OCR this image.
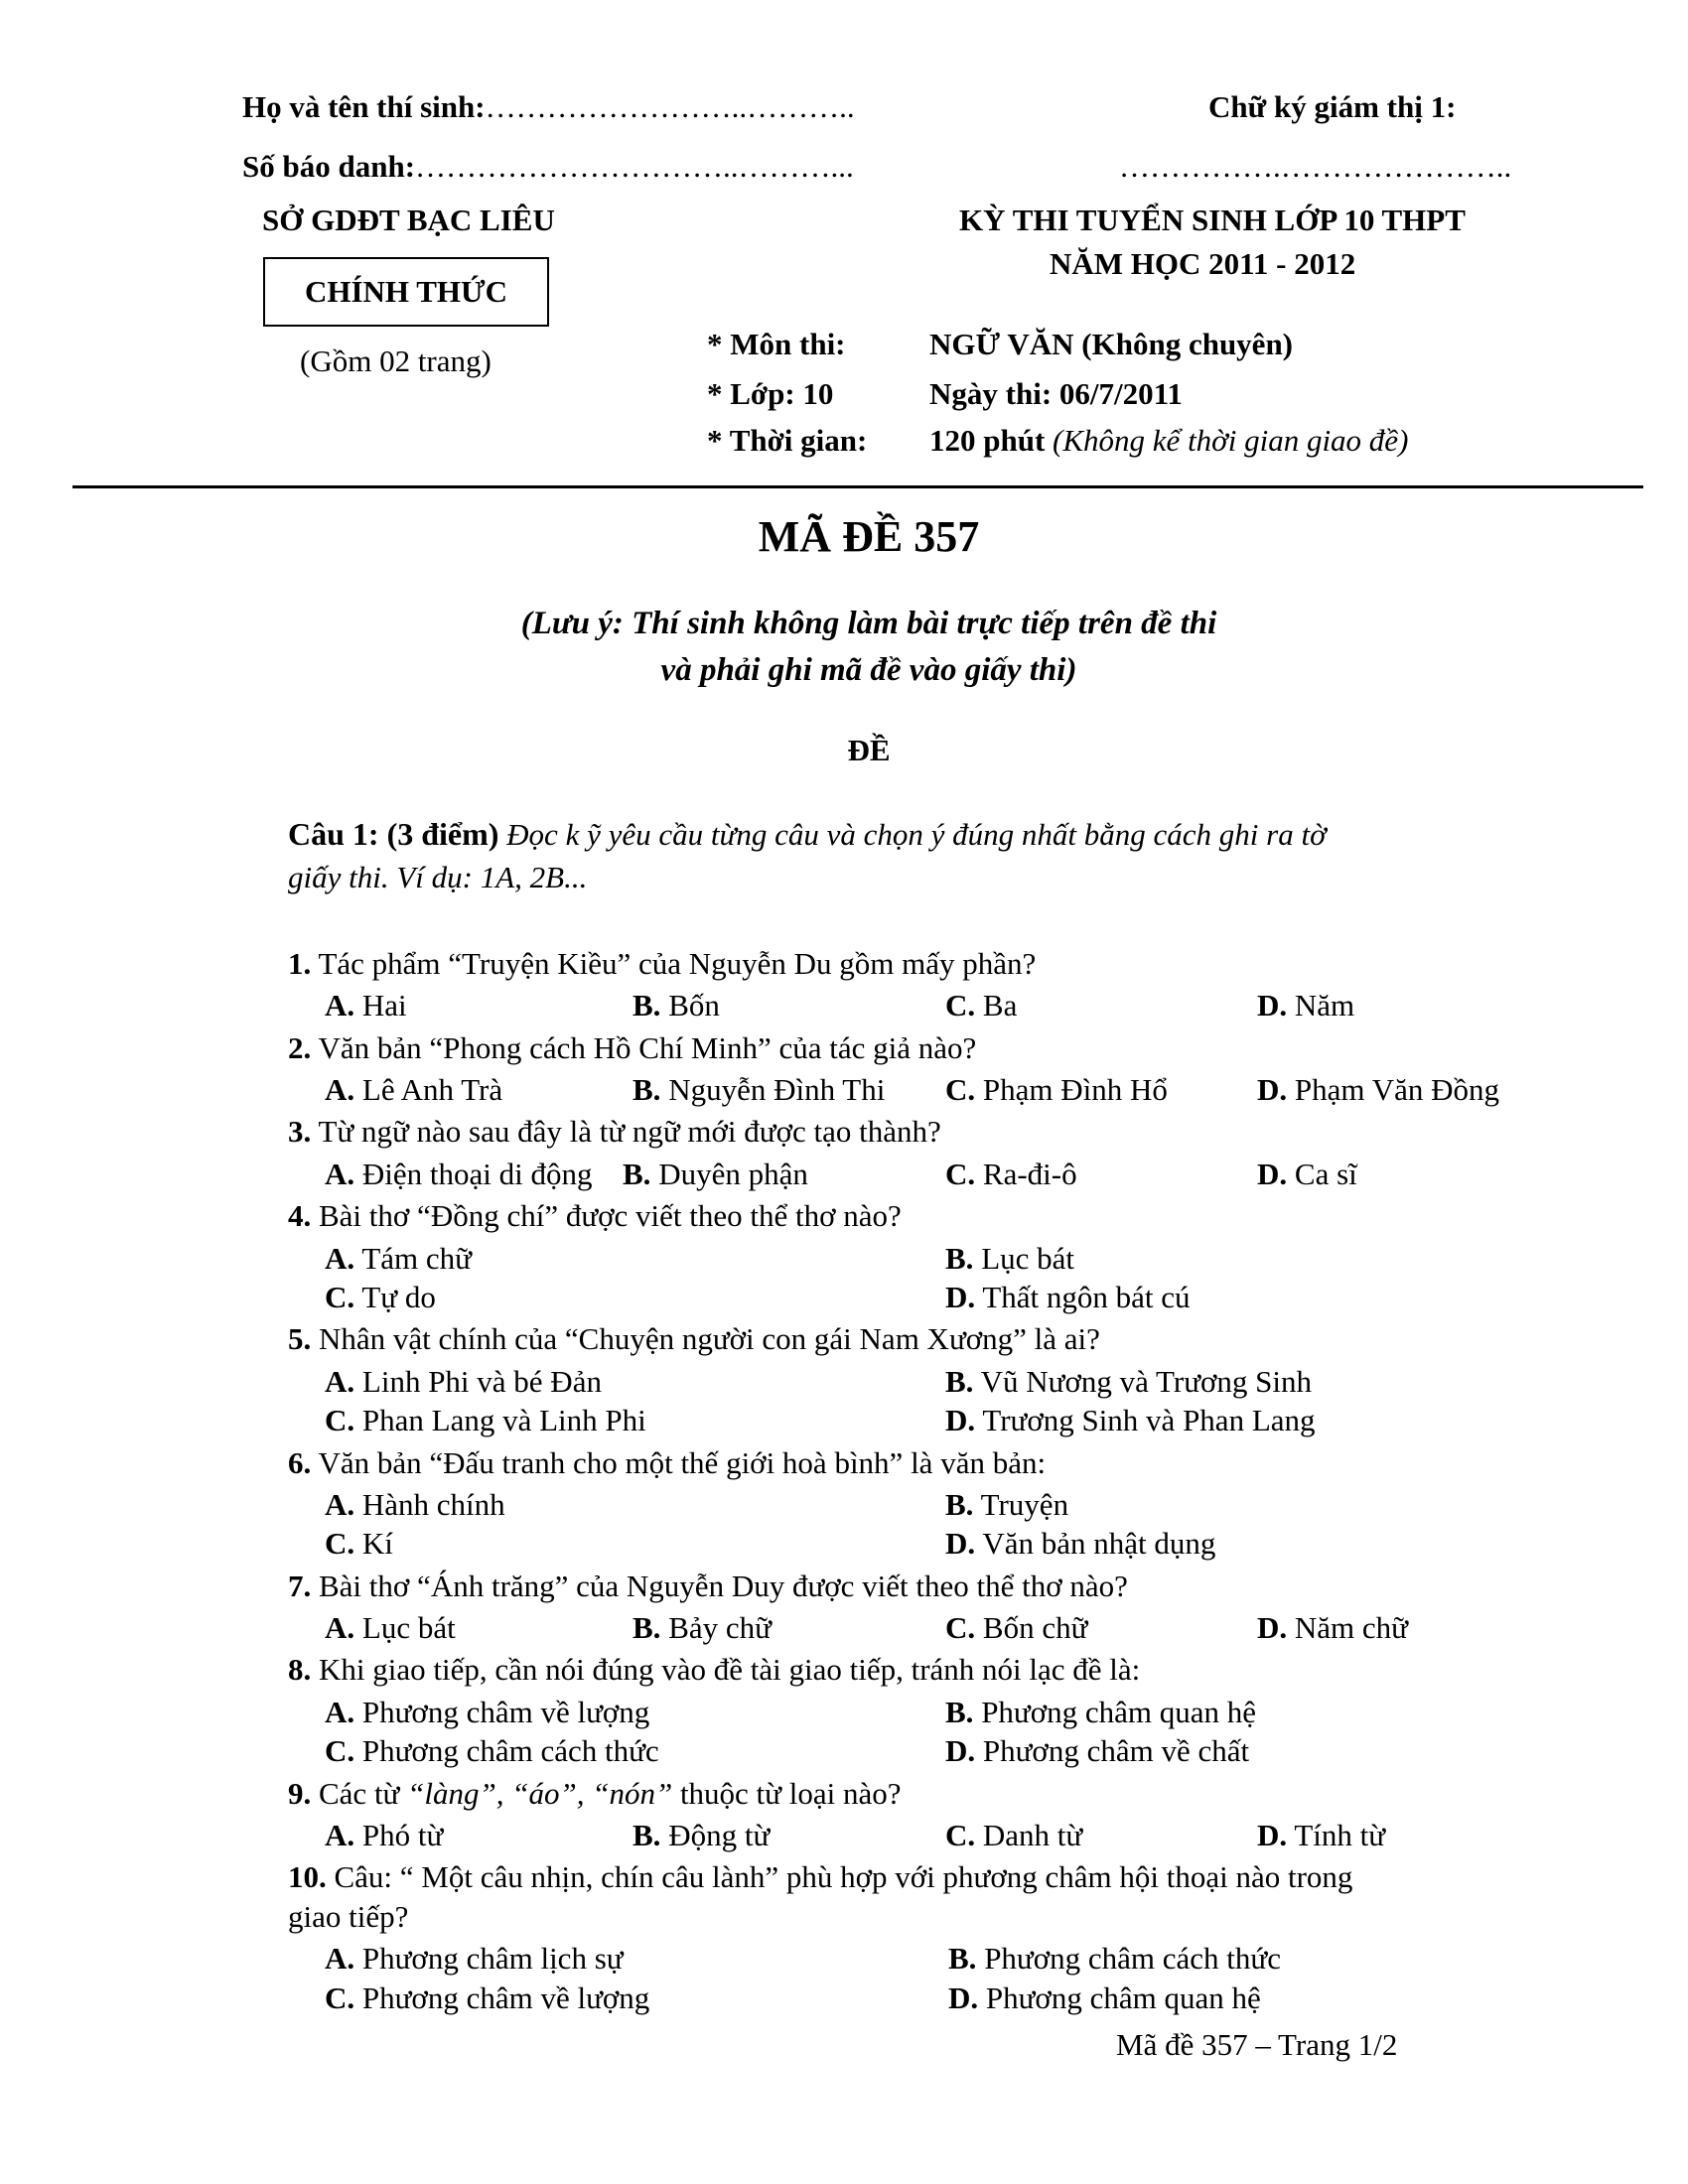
Họ và tên thí sinh:……………………..………..	Chữ ký giám thị 1:
Số báo danh:…………………………..………...	…………….…………………..
SỞ GDĐT BẠC LIÊU
CHÍNH THỨC
(Gồm 02 trang)
KỲ THI TUYỂN SINH LỚP 10 THPT
NĂM HỌC 2011 - 2012
* Môn thi:	NGỮ VĂN (Không chuyên)
* Lớp: 10	Ngày thi: 06/7/2011
* Thời gian: 120 phút (Không kể thời gian giao đề)
MÃ ĐỀ 357
(Lưu ý: Thí sinh không làm bài trực tiếp trên đề thi
và phải ghi mã đề vào giấy thi)
ĐỀ
Câu 1: (3 điểm) Đọc k ỹ yêu cầu từng câu và chọn ý đúng nhất bằng cách ghi ra tờ
giấy thi. Ví dụ: 1A, 2B...
1. Tác phẩm “Truyện Kiều” của Nguyễn Du gồm mấy phần?
A. Hai	B. Bốn	C. Ba	D. Năm
2. Văn bản “Phong cách Hồ Chí Minh” của tác giả nào?
A. Lê Anh Trà	B. Nguyễn Đình Thi C. Phạm Đình Hổ	D. Phạm Văn Đồng
3. Từ ngữ nào sau đây là từ ngữ mới được tạo thành?
A. Điện thoại di động B. Duyên phận	C. Ra-đi-ô	D. Ca sĩ
4. Bài thơ “Đồng chí” được viết theo thể thơ nào?
A. Tám chữ	B. Lục bát
C. Tự do	D. Thất ngôn bát cú
5. Nhân vật chính của “Chuyện người con gái Nam Xương” là ai?
A. Linh Phi và bé Đản	B. Vũ Nương và Trương Sinh
C. Phan Lang và Linh Phi	D. Trương Sinh và Phan Lang
6. Văn bản “Đấu tranh cho một thế giới hoà bình” là văn bản:
A. Hành chính	B. Truyện
C. Kí	D. Văn bản nhật dụng
7. Bài thơ “Ánh trăng” của Nguyễn Duy được viết theo thể thơ nào?
A. Lục bát	B. Bảy chữ	C. Bốn chữ	D. Năm chữ
8. Khi giao tiếp, cần nói đúng vào đề tài giao tiếp, tránh nói lạc đề là:
A. Phương châm về lượng	B. Phương châm quan hệ
C. Phương châm cách thức	D. Phương châm về chất
9. Các từ “làng”, “áo”, “nón” thuộc từ loại nào?
A. Phó từ	B. Động từ	C. Danh từ	D. Tính từ
10. Câu: “ Một câu nhịn, chín câu lành” phù hợp với phương châm hội thoại nào trong
giao tiếp?
A. Phương châm lịch sự	B. Phương châm cách thức
C. Phương châm về lượng	D. Phương châm quan hệ
Mã đề 357 – Trang 1/2
